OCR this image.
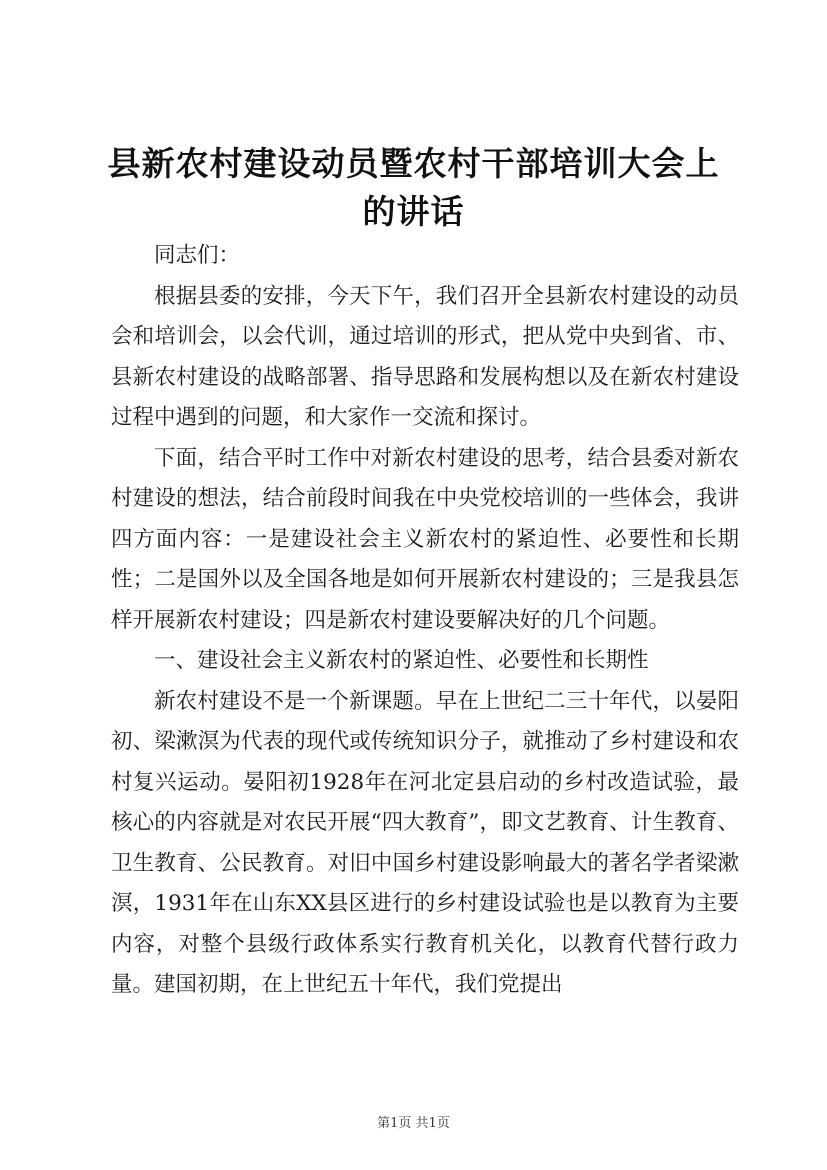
县新农村建设动员暨农村干部培训大会上的讲话

同志们：

根据县委的安排，今天下午，我们召开全县新农村建设的动员会和培训会，以会代训，通过培训的形式，把从党中央到省、市、县新农村建设的战略部署、指导思路和发展构想以及在新农村建设过程中遇到的问题，和大家作一交流和探讨。

下面，结合平时工作中对新农村建设的思考，结合县委对新农村建设的想法，结合前段时间我在中央党校培训的一些体会，我讲四方面内容：一是建设社会主义新农村的紧迫性、必要性和长期性；二是国外以及全国各地是如何开展新农村建设的；三是我县怎样开展新农村建设；四是新农村建设要解决好的几个问题。

一、建设社会主义新农村的紧迫性、必要性和长期性

新农村建设不是一个新课题。早在上世纪二三十年代，以晏阳初、梁漱溟为代表的现代或传统知识分子，就推动了乡村建设和农村复兴运动。晏阳初1928年在河北定县启动的乡村改造试验，最核心的内容就是对农民开展“四大教育”，即文艺教育、计生教育、卫生教育、公民教育。对旧中国乡村建设影响最大的著名学者梁漱溟，1931年在山东XX县区进行的乡村建设试验也是以教育为主要内容，对整个县级行政体系实行教育机关化，以教育代替行政力量。建国初期，在上世纪五十年代，我们党提出

第1页 共1页
